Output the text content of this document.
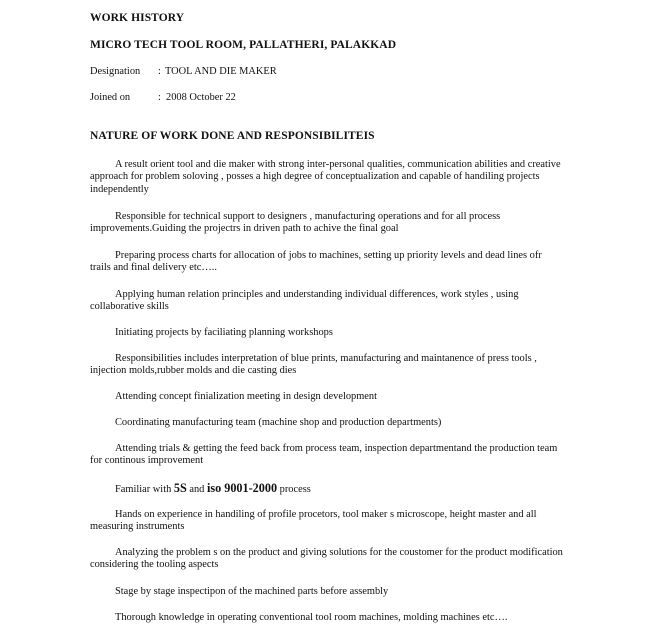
WORK HISTORY
MICRO TECH TOOL ROOM, PALLATHERI, PALAKKAD
Designation : TOOL AND DIE MAKER
Joined on	: 2008 October 22
NATURE OF WORK DONE AND RESPONSIBILITEIS
A result orient tool and die maker with strong inter-personal qualities, communication abilities and creative
approach for problem soloving , posses a high degree of conceptualization and capable of handiling projects
independently
Responsible for technical support to designers , manufacturing operations and for all process
improvements.Guiding the projectrs in driven path to achive the final goal
Preparing process charts for allocation of jobs to machines, setting up priority levels and dead lines ofr
trails and final delivery etc…..
Applying human relation principles and understanding individual differences, work styles , using
collaborative skills
Initiating projects by faciliating planning workshops
Responsibilities includes interpretation of blue prints, manufacturing and maintanence of press tools ,
injection molds,rubber molds and die casting dies
Attending concept finialization meeting in design development
Coordinating manufacturing team (machine shop and production departments)
Attending trials & getting the feed back from process team, inspection departmentand the production team
for continous improvement
Familiar with 5S and iso 9001-2000 process
Hands on experience in handiling of profile procetors, tool maker s microscope, height master and all
measuring instruments
Analyzing the problem s on the product and giving solutions for the coustomer for the product modification
considering the tooling aspects
Stage by stage inspectipon of the machined parts before assembly
Thorough knowledge in operating conventional tool room machines, molding machines etc….
